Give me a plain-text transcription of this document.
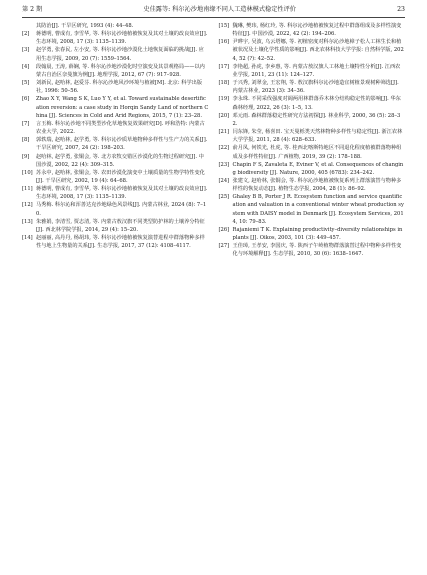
第 2 期	史佳露等: 科尔沁沙地南缘不同人工造林模式稳定性评价	23
其防治[J]. 干旱区研究, 1993 (4): 44–48.
[2]	蒋德明, 曹成有, 李雪华, 等. 科尔沁沙地植被恢复及其对土壤的改良效应[J]. 生态环境, 2008, 17 (3): 1135–1139.
[3]	赵学勇, 张春民, 左小安, 等. 科尔沁沙地沙漠化土地恢复面临的挑战[J]. 应用生态学报, 2009, 20 (7): 1559–1564.
[4]	段翰晨, 王涛, 薛娴, 等. 科尔沁沙地沙漠化时空演变及其景观格局——以内蒙古自治区奈曼旗为例[J]. 地理学报, 2012, 67 (7): 917–928.
[5]	刘新民, 赵哈林, 赵爱芬. 科尔沁沙地风沙环境与植被[M]. 北京: 科学出版社, 1996: 50–56.
[6]	Zhao X Y, Wang S K, Luo Y Y, et al. Toward sustainable desertification reversion: a case study in Horqin Sandy Land of northern China [J]. Sciences in Cold and Arid Regions, 2015, 7 (1): 23–28.
[7]	言玉梅. 科尔沁沙地不同类型沙化草地恢复效果研究[D]. 呼和浩特: 内蒙古农业大学, 2022.
[8]	郭轶瑞, 赵哈林, 赵学勇, 等. 科尔沁沙质草地物种多样性与生产力的关系[J]. 干旱区研究, 2007, 24 (2): 198–203.
[9]	赵哈林, 赵学勇, 张铜会, 等. 北方农牧交错区沙漠化的生物过程研究[J]. 中国沙漠, 2002, 22 (4): 309–315.
[10] 苏永中, 赵哈林, 张铜会, 等. 农田沙漠化演变中土壤质量的生物学特性变化[J]. 干旱区研究, 2002, 19 (4): 64–68.
[11] 蒋德明, 曹成有, 李雪华, 等. 科尔沁沙地植被恢复及其对土壤的改良效应[J]. 生态环境, 2008, 17 (3): 1135–1139.
[12] 马秀梅. 科尔沁和浑善达克沙地绿色风景线[J]. 内蒙古林业, 2024 (8): 7–10.
[13] 朱雅娟, 李清雪, 贾志清, 等. 内蒙古敖汉旗不同类型防护林的土壤养分特征[J]. 西北林学院学报, 2014, 29 (4): 15–20.
[14] 赵丽丽, 高丹丹, 杨胡玮, 等. 科尔沁沙地植被恢复演替进程中群落物种多样性与地上生物量的关系[J]. 生态学报, 2017, 37 (12): 4108–4117.
[15] 魏琳, 樊玮, 杨红玲, 等. 科尔沁沙地植被恢复过程中群落组成及多样性演变特征[J]. 中国沙漠, 2022, 42 (2): 194–206.
[16] 尹晔宇, 吴波, 乌云塔娜, 等. 初植密度对科尔沁沙地樟子松人工林生长和植被状况及土壤化学性质的影响[J]. 西北农林科技大学学报: 自然科学版, 2024, 52 (?): 42–52.
[17] 李艳超, 孙虎, 李乡惠, 等. 内蒙古敖汉旗人工林地土壤特性分析[J]. 江西农业学报, 2011, 23 (11): 124–127.
[18] 于兴秀, 刘翠金, 王宏翔, 等. 敖汉旗科尔沁沙地造宜树植景观树种筛选[J]. 内蒙古林业, 2023 (3): 34–36.
[19] 李永珠. 不同采伐强度对阔两用林群落乔木林分结构稳定性的影响[J]. 华东森林经理, 2022, 26 (3): 1–5, 13.
[20] 邓元雨. 森林群落稳定性研究方法初探[J]. 林业科学, 2000, 36 (5): 28–32.
[21] 闫东锋, 朱莹, 杨喜田. 宝天曼栎类天然林物种多样性与稳定性[J]. 浙江农林大学学报, 2011, 28 (4): 628–633.
[22] 俞月凤, 何铁光, 杜虎, 等. 桂西北喀斯特地区不同退化程度植被群落物种组成及多样性特征[J]. 广西植物, 2019, 39 (2): 178–188.
[23] Chapin F S, Zavaleta E, Eviner V, et al. Consequences of changing biodiversity [J]. Nature, 2000, 405 (6783): 234–242.
[24] 张建文, 赵哈林, 张铜会, 等. 科尔沁沙地植被恢复系列上群落演替与物种多样性的恢复动态[J]. 植物生态学报, 2004, 28 (1): 86–92.
[25] Ghaley B B, Porter J R. Ecosystem function and service quantification and valuation in a conventional winter wheat production system with DAISY model in Denmark [J]. Ecosystem Services, 2014, 10: 79–83.
[26] Rajaniemi T K. Explaining productivity–diversity relationships in plants [J]. Oikos, 2003, 101 (3): 449–457.
[27] 王佳璋, 王孝安, 李国庆, 等. 陕西子午岭植物群落演替过程中物种多样性变化与环境解释[J]. 生态学报, 2010, 30 (6): 1638–1647.
